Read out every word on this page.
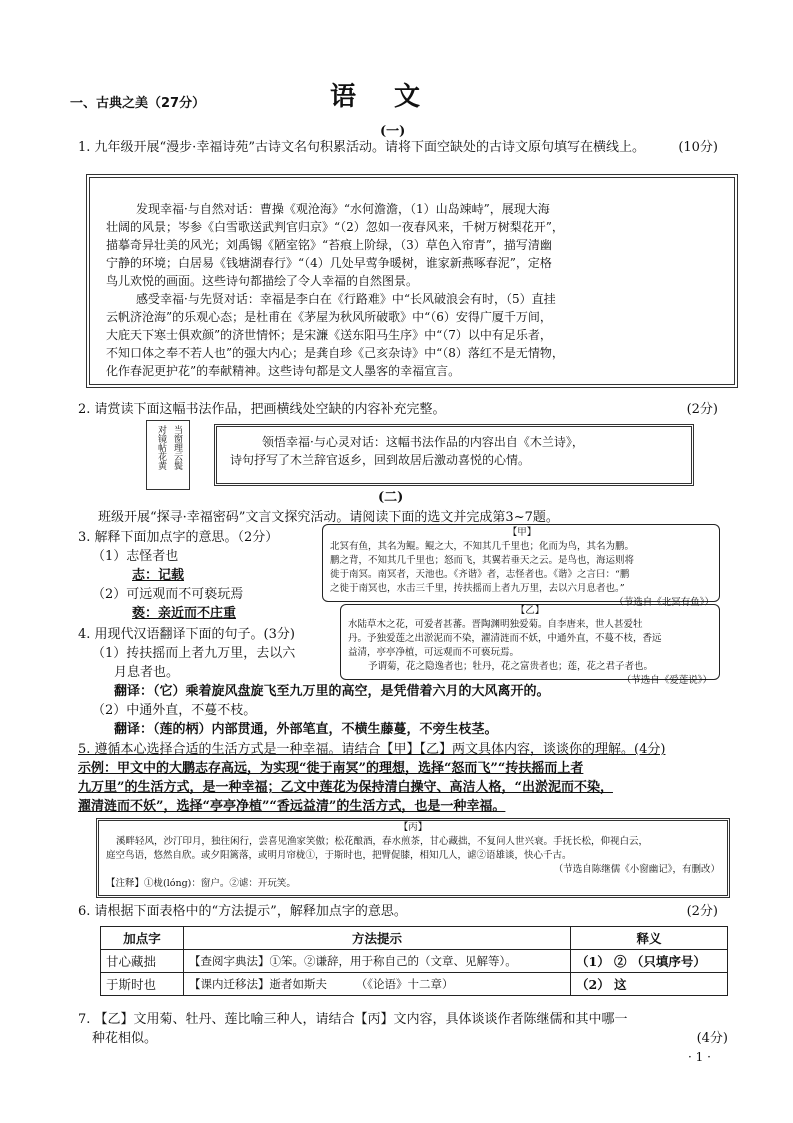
语　文
一、古典之美（27分）
(一)
1. 九年级开展“漫步·幸福诗苑”古诗文名句积累活动。请将下面空缺处的古诗文原句填写在横线上。	(10分)
发现幸福·与自然对话：曹操《观沧海》“水何澹澹，（1）山岛竦峙”，展现大海
壮阔的风景；岑参《白雪歌送武判官归京》“（2）忽如一夜春风来，千树万树梨花开”，
描摹奇异壮美的风光；刘禹锡《陋室铭》“苔痕上阶绿，（3）草色入帘青”，描写清幽
宁静的环境；白居易《钱塘湖春行》“（4）几处早莺争暖树，谁家新燕啄春泥”，定格
鸟儿欢悦的画面。这些诗句都描绘了令人幸福的自然图景。
感受幸福·与先贤对话：幸福是李白在《行路难》中“长风破浪会有时，（5）直挂
云帆济沧海”的乐观心态；是杜甫在《茅屋为秋风所破歌》中“（6）安得广厦千万间，
大庇天下寒士俱欢颜”的济世情怀；是宋濂《送东阳马生序》中“（7）以中有足乐者，
不知口体之奉不若人也”的强大内心；是龚自珍《己亥杂诗》中“（8）落红不是无情物，
化作春泥更护花”的奉献精神。这些诗句都是文人墨客的幸福宣言。
2. 请赏读下面这幅书法作品，把画横线处空缺的内容补充完整。	(2分)
当窗理云鬓
对镜帖花黄	领悟幸福·与心灵对话：这幅书法作品的内容出自《木兰诗》，
诗句抒写了木兰辞官返乡，回到故居后激动喜悦的心情。
(二)
班级开展“探寻·幸福密码”文言文探究活动。请阅读下面的选文并完成第3~7题。
3. 解释下面加点字的意思。（2分）
（1）志怪者也
志：记载
（2）可远观而不可亵玩焉
亵：亲近而不庄重
4. 用现代汉语翻译下面的句子。(3分)
（1）抟扶摇而上者九万里，去以六
月息者也。
翻译：（它）乘着旋风盘旋飞至九万里的高空，是凭借着六月的大风离开的。
（2）中通外直，不蔓不枝。
翻译：（莲的柄）内部贯通，外部笔直，不横生藤蔓，不旁生枝茎。
【甲】
北冥有鱼，其名为鲲。鲲之大，不知其几千里也；化而为鸟，其名为鹏。
鹏之背，不知其几千里也；怒而飞，其翼若垂天之云。是鸟也，海运则将
徙于南冥。南冥者，天池也。《齐谐》者，志怪者也。《谐》之言曰：“鹏
之徙于南冥也，水击三千里，抟扶摇而上者九万里，去以六月息者也。”
（节选自《北冥有鱼》）
【乙】
水陆草木之花，可爱者甚蕃。晋陶渊明独爱菊。自李唐来，世人甚爱牡
丹。予独爱莲之出淤泥而不染，濯清涟而不妖，中通外直，不蔓不枝，香远
益清，亭亭净植，可远观而不可亵玩焉。
予谓菊，花之隐逸者也；牡丹，花之富贵者也；莲，花之君子者也。
（节选自《爱莲说》）
5. 遵循本心选择合适的生活方式是一种幸福。请结合【甲】【乙】两文具体内容，谈谈你的理解。(4分)
示例：甲文中的大鹏志存高远，为实现“徙于南冥”的理想，选择“怒而飞”“抟扶摇而上者
九万里”的生活方式，是一种幸福；乙文中莲花为保持清白操守、高洁人格，“出淤泥而不染，
濯清涟而不妖”，选择“亭亭净植”“香远益清”的生活方式，也是一种幸福。
【丙】
溪畔轻风，沙汀印月，独往闲行，尝喜见渔家笑傲；松花酿酒，春水煎茶，甘心藏拙，不复问人世兴衰。手抚长松，仰视白云，
庭空鸟语，悠然自欣。或夕阳篱落，或明月帘栊①，于斯时也，把臂促膝，相知几人，谑②语雄谈，快心千古。
（节选自陈继儒《小窗幽记》，有删改）
【注释】①栊(lóng)：窗户。②谑：开玩笑。
6. 请根据下面表格中的“方法提示”，解释加点字的意思。	(2分)
加点字	方法提示	释义
甘心藏拙	【查阅字典法】①笨。②谦辞，用于称自己的（文章、见解等）。	（1） ② （只填序号）
于斯时也	【课内迁移法】逝者如斯夫　　　（《论语》十二章）	（2） 这
7. 【乙】文用菊、牡丹、莲比喻三种人，请结合【丙】文内容，具体谈谈作者陈继儒和其中哪一
种花相似。	(4分)
· 1 ·
